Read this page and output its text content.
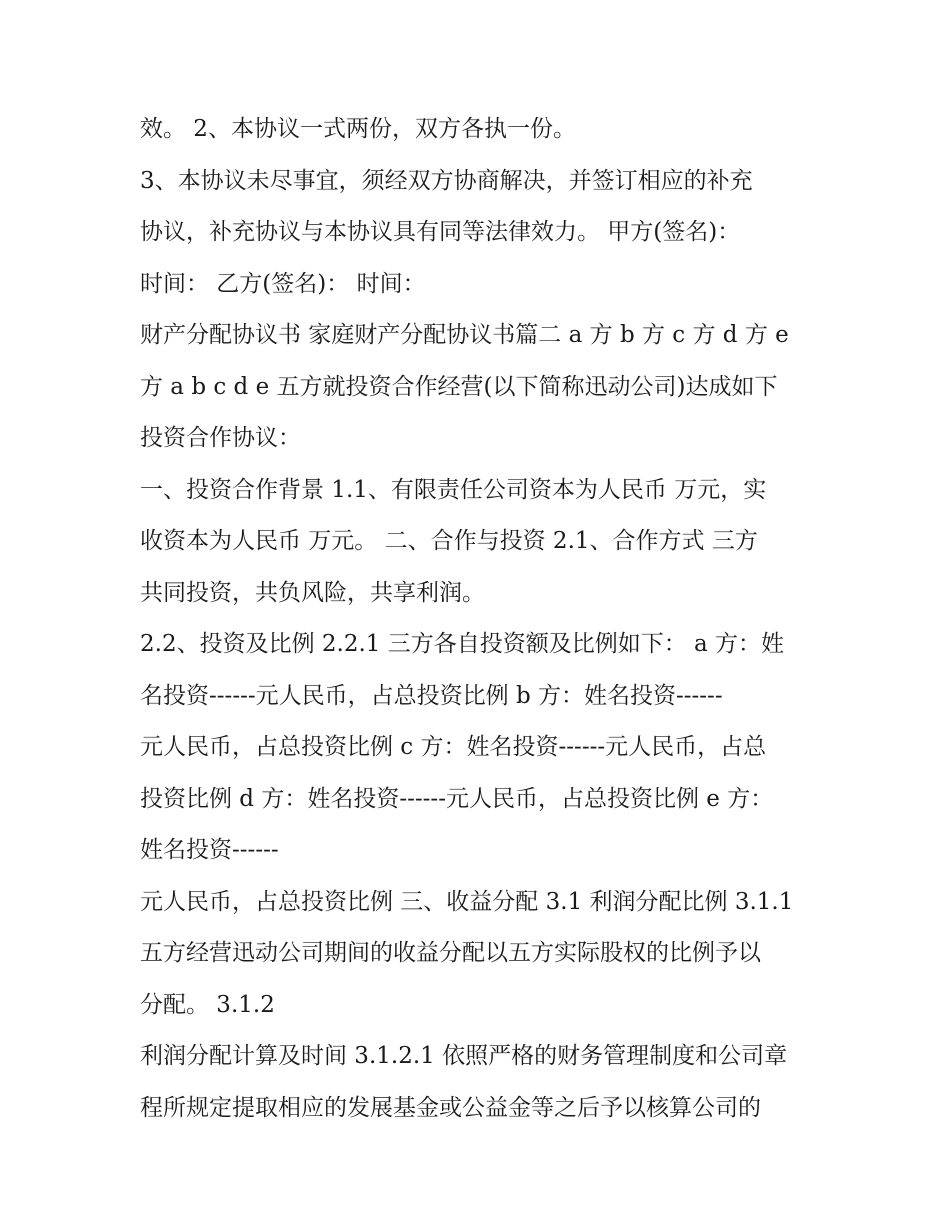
效。 2、本协议一式两份，双方各执一份。
3、本协议未尽事宜，须经双方协商解决，并签订相应的补充
协议，补充协议与本协议具有同等法律效力。 甲方(签名)：
时间： 乙方(签名)： 时间：
财产分配协议书 家庭财产分配协议书篇二 a 方 b 方 c 方 d 方 e
方 a b c d e 五方就投资合作经营(以下简称迅动公司)达成如下
投资合作协议：
一、投资合作背景 1.1、有限责任公司资本为人民币 万元，实
收资本为人民币 万元。 二、合作与投资 2.1、合作方式 三方
共同投资，共负风险，共享利润。
2.2、投资及比例 2.2.1 三方各自投资额及比例如下： a 方：姓
名投资------元人民币，占总投资比例 b 方：姓名投资------
元人民币，占总投资比例 c 方：姓名投资------元人民币，占总
投资比例 d 方：姓名投资------元人民币，占总投资比例 e 方：
姓名投资------
元人民币，占总投资比例 三、收益分配 3.1 利润分配比例 3.1.1
五方经营迅动公司期间的收益分配以五方实际股权的比例予以
分配。 3.1.2
利润分配计算及时间 3.1.2.1 依照严格的财务管理制度和公司章
程所规定提取相应的发展基金或公益金等之后予以核算公司的
